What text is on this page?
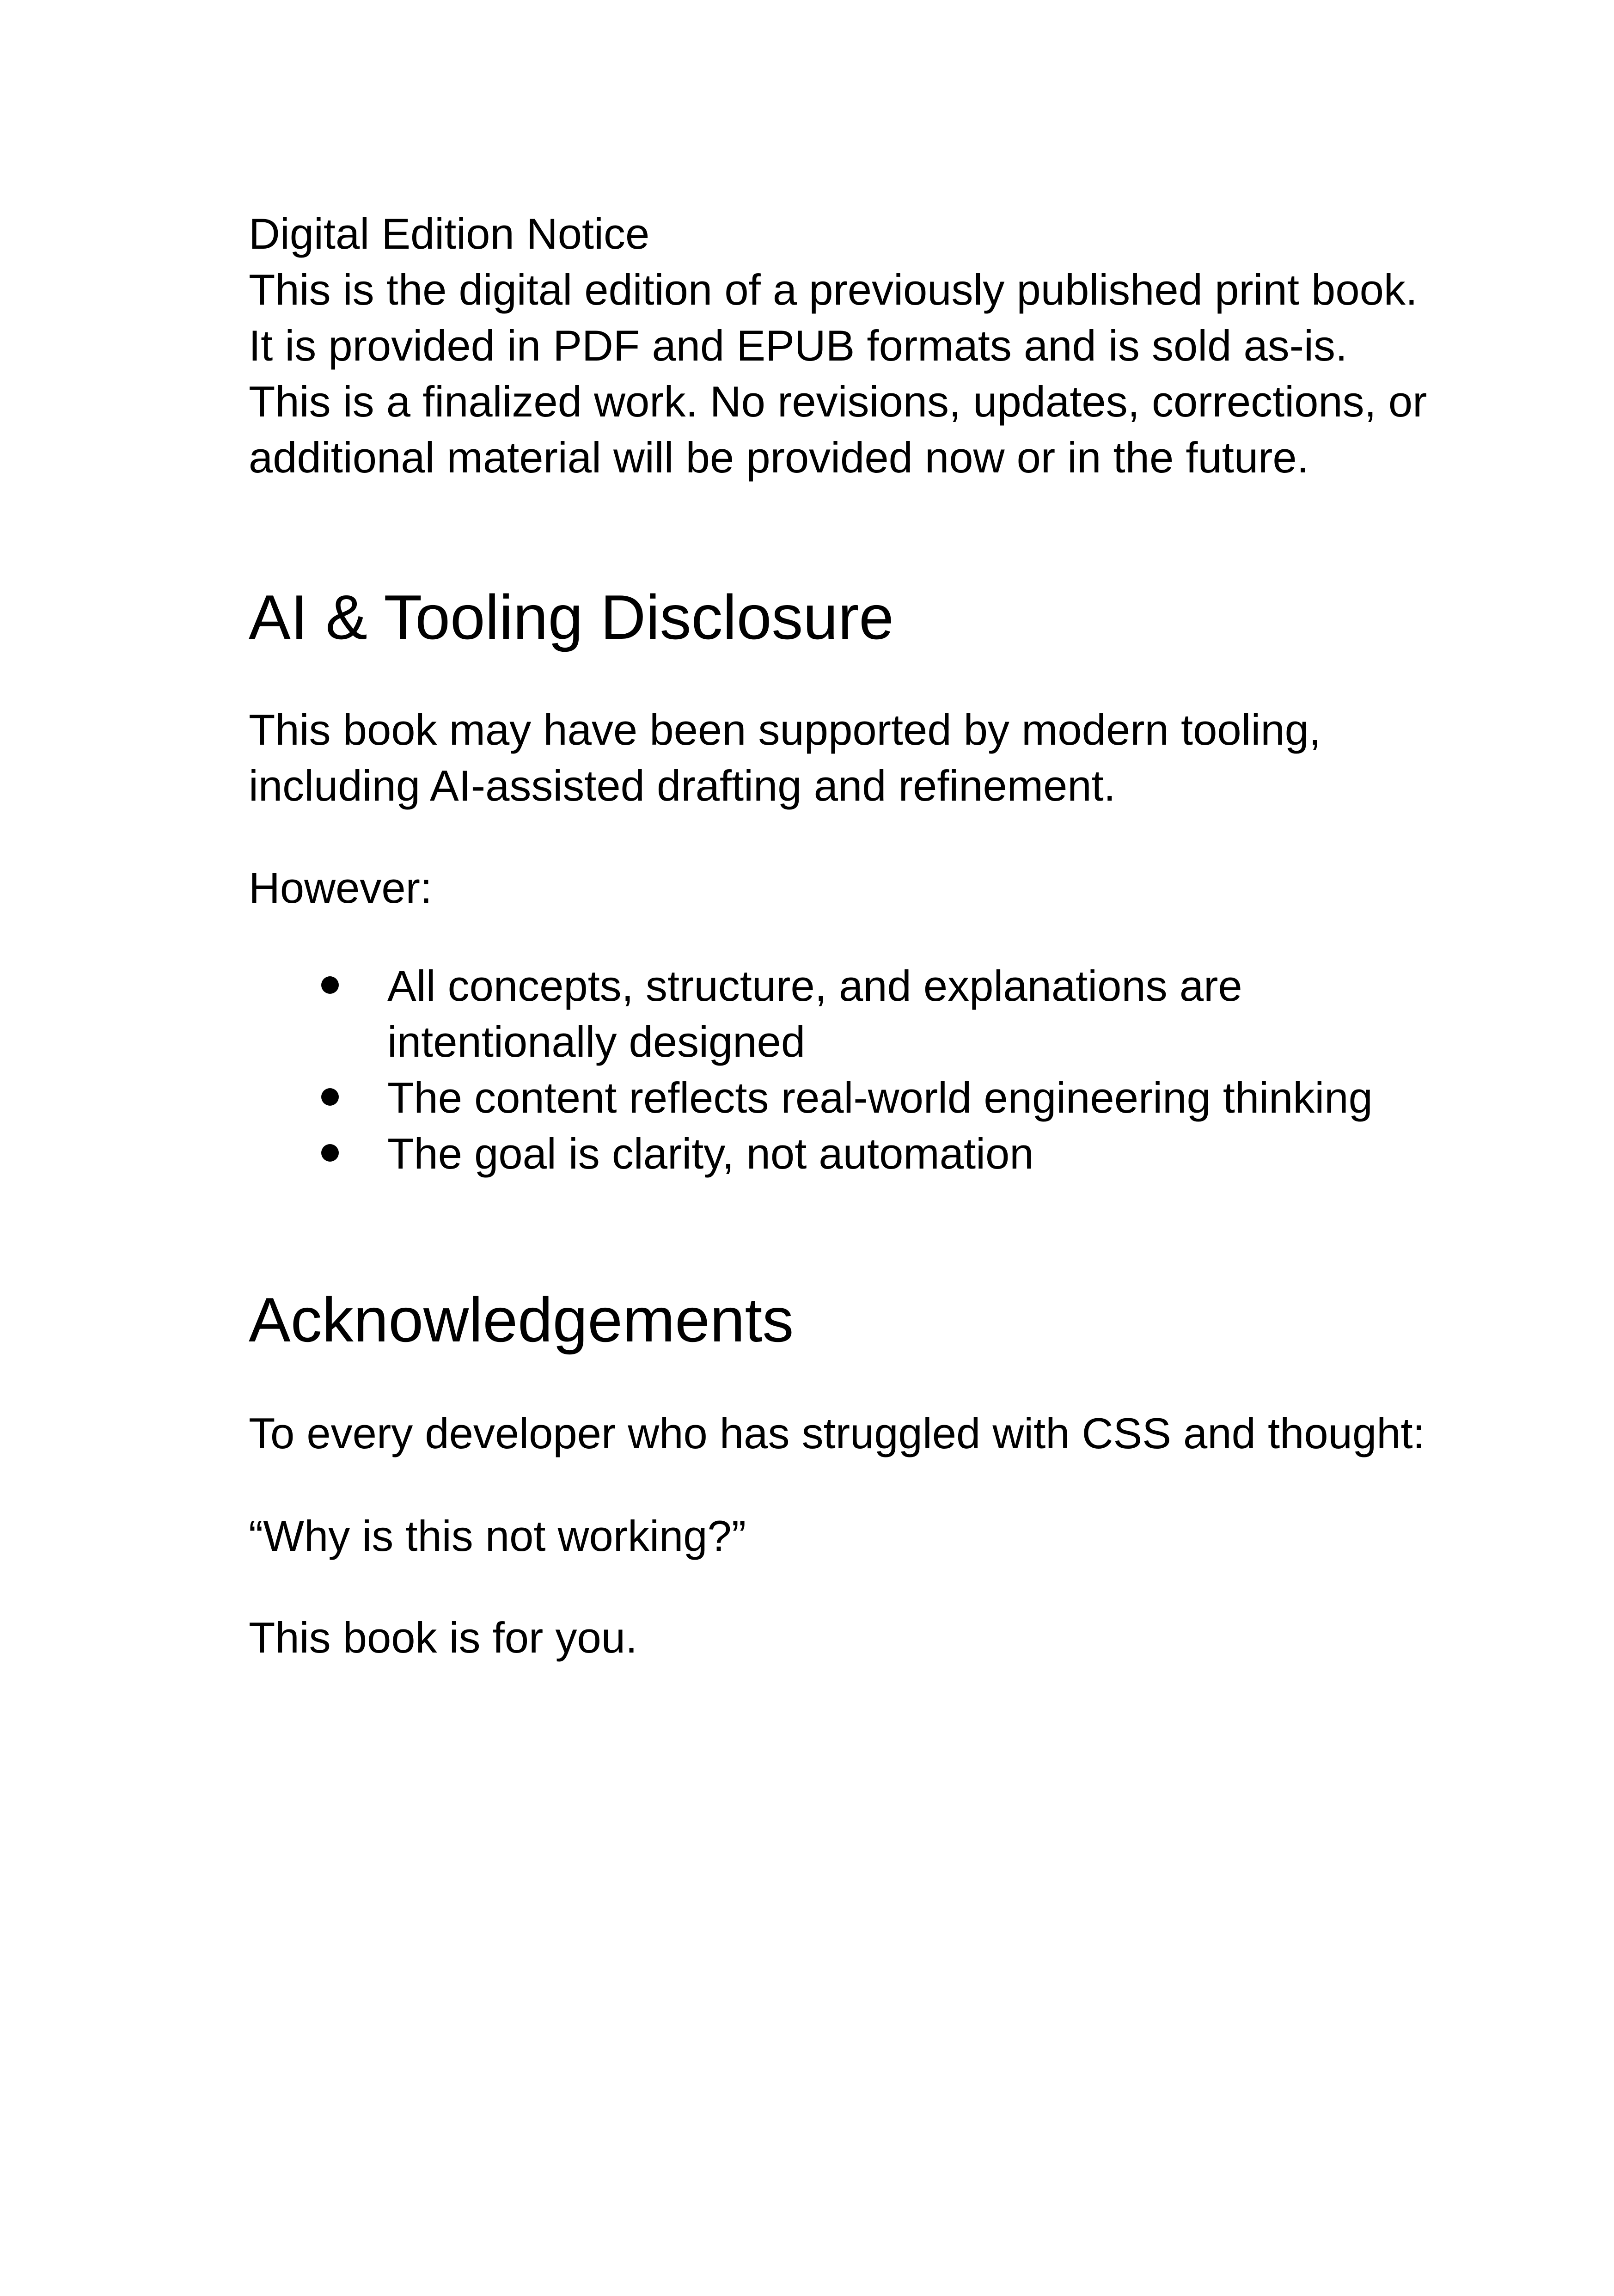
Digital Edition Notice
This is the digital edition of a previously published print book.
It is provided in PDF and EPUB formats and is sold as-is.
This is a finalized work. No revisions, updates, corrections, or
additional material will be provided now or in the future.
AI & Tooling Disclosure
This book may have been supported by modern tooling,
including AI-assisted drafting and refinement.
However:
All concepts, structure, and explanations are
intentionally designed
The content reflects real-world engineering thinking
The goal is clarity, not automation
Acknowledgements
To every developer who has struggled with CSS and thought:
“Why is this not working?”
This book is for you.
